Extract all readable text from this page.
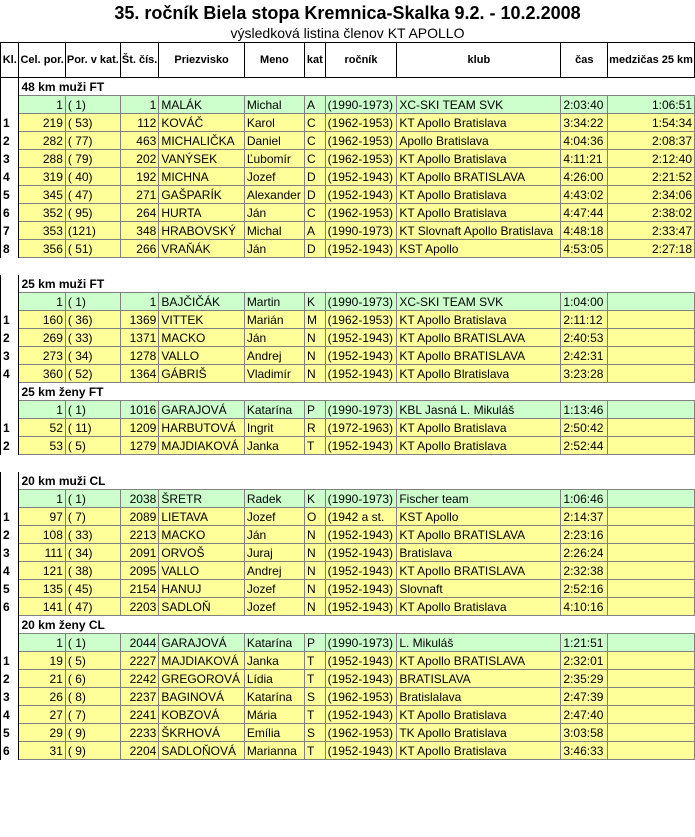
35. ročník Biela stopa Kremnica-Skalka 9.2. - 10.2.2008
výsledková listina členov KT APOLLO
Kl.	Cel. por.	Por. v kat.	Št. čís.	Priezvisko	Meno	kat	ročník	klub	čas	medzičas 25 km
	48 km muži FT									
	1	( 1)	1	MALÁK	Michal	A	(1990-1973)	XC-SKI TEAM SVK	2:03:40	1:06:51
1	219	( 53)	112	KOVÁČ	Karol	C	(1962-1953)	KT Apollo Bratislava	3:34:22	1:54:34
2	282	( 77)	463	MICHALIČKA	Daniel	C	(1962-1953)	Apollo Bratislava	4:04:36	2:08:37
3	288	( 79)	202	VANÝSEK	Ľubomír	C	(1962-1953)	KT Apollo Bratislava	4:11:21	2:12:40
4	319	( 40)	192	MICHNA	Jozef	D	(1952-1943)	KT Apollo BRATISLAVA	4:26:00	2:21:52
5	345	( 47)	271	GAŠPARÍK	Alexander	D	(1952-1943)	KT Apollo Bratislava	4:43:02	2:34:06
6	352	( 95)	264	HURTA	Ján	C	(1962-1953)	KT Apollo Bratislava	4:47:44	2:38:02
7	353	(121)	348	HRABOVSKÝ	Michal	A	(1990-1973)	KT Slovnaft Apollo Bratislava	4:48:18	2:33:47
8	356	( 51)	266	VRAŇÁK	Ján	D	(1952-1943)	KST Apollo	4:53:05	2:27:18

	25 km muži FT									
	1	( 1)	1	BAJČIČÁK	Martin	K	(1990-1973)	XC-SKI TEAM SVK	1:04:00	
1	160	( 36)	1369	VITTEK	Marián	M	(1962-1953)	KT Apollo Bratislava	2:11:12	
2	269	( 33)	1371	MACKO	Ján	N	(1952-1943)	KT Apollo BRATISLAVA	2:40:53	
3	273	( 34)	1278	VALLO	Andrej	N	(1952-1943)	KT Apollo BRATISLAVA	2:42:31	
4	360	( 52)	1364	GÁBRIŠ	Vladimír	N	(1952-1943)	KT Apollo Blratislava	3:23:28	
	25 km ženy FT									
	1	( 1)	1016	GARAJOVÁ	Katarína	P	(1990-1973)	KBL Jasná L. Mikuláš	1:13:46	
1	52	( 11)	1209	HARBUTOVÁ	Ingrit	R	(1972-1963)	KT Apollo Bratislava	2:50:42	
2	53	( 5)	1279	MAJDIAKOVÁ	Janka	T	(1952-1943)	KT Apollo Bratislava	2:52:44	

	20 km muži CL									
	1	( 1)	2038	ŠRETR	Radek	K	(1990-1973)	Fischer team	1:06:46	
1	97	( 7)	2089	LIETAVA	Jozef	O	(1942 a st.	KST Apollo	2:14:37	
2	108	( 33)	2213	MACKO	Ján	N	(1952-1943)	KT Apollo BRATISLAVA	2:23:16	
3	111	( 34)	2091	ORVOŠ	Juraj	N	(1952-1943)	Bratislava	2:26:24	
4	121	( 38)	2095	VALLO	Andrej	N	(1952-1943)	KT Apollo BRATISLAVA	2:32:38	
5	135	( 45)	2154	HANUJ	Jozef	N	(1952-1943)	Slovnaft	2:52:16	
6	141	( 47)	2203	SADLOŇ	Jozef	N	(1952-1943)	KT Apollo Bratislava	4:10:16	
	20 km ženy CL									
	1	( 1)	2044	GARAJOVÁ	Katarína	P	(1990-1973)	L. Mikuláš	1:21:51	
1	19	( 5)	2227	MAJDIAKOVÁ	Janka	T	(1952-1943)	KT Apollo BRATISLAVA	2:32:01	
2	21	( 6)	2242	GREGOROVÁ	Lídia	T	(1952-1943)	BRATISLAVA	2:35:29	
3	26	( 8)	2237	BAGINOVÁ	Katarína	S	(1962-1953)	Bratislalava	2:47:39	
4	27	( 7)	2241	KOBZOVÁ	Mária	T	(1952-1943)	KT Apollo Bratislava	2:47:40	
5	29	( 9)	2233	ŠKRHOVÁ	Emília	S	(1962-1953)	TK Apollo Bratislava	3:03:58	
6	31	( 9)	2204	SADLOŇOVÁ	Marianna	T	(1952-1943)	KT Apollo Bratislava	3:46:33	
